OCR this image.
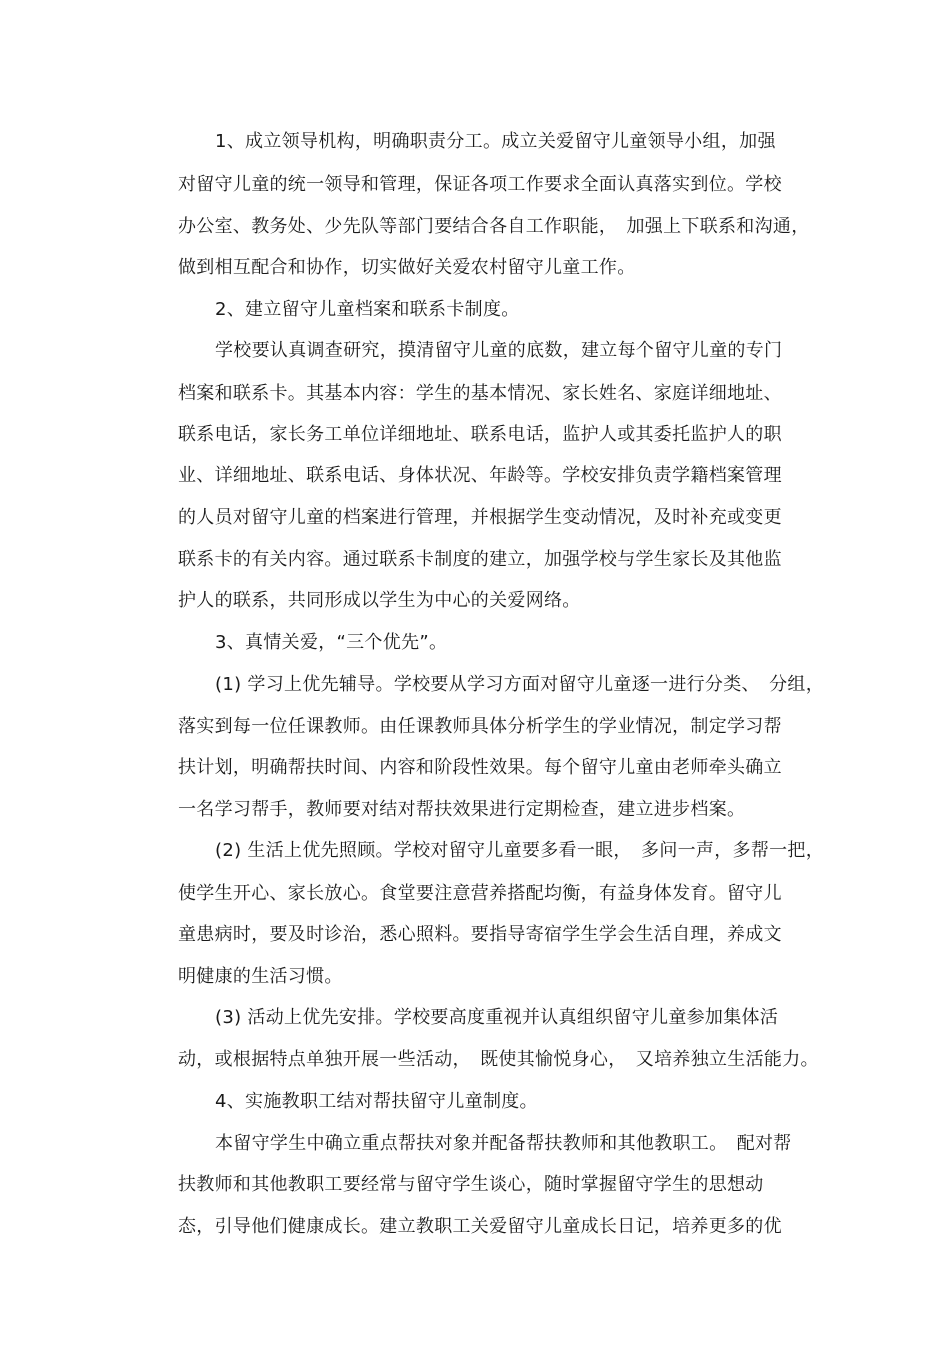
1、成立领导机构，明确职责分工。成立关爱留守儿童领导小组，加强
对留守儿童的统一领导和管理，保证各项工作要求全面认真落实到位。学校
办公室、教务处、少先队等部门要结合各自工作职能，　加强上下联系和沟通，
做到相互配合和协作，切实做好关爱农村留守儿童工作。
2、建立留守儿童档案和联系卡制度。
学校要认真调查研究，摸清留守儿童的底数，建立每个留守儿童的专门
档案和联系卡。其基本内容：学生的基本情况、家长姓名、家庭详细地址、
联系电话，家长务工单位详细地址、联系电话，监护人或其委托监护人的职
业、详细地址、联系电话、身体状况、年龄等。学校安排负责学籍档案管理
的人员对留守儿童的档案进行管理，并根据学生变动情况，及时补充或变更
联系卡的有关内容。通过联系卡制度的建立，加强学校与学生家长及其他监
护人的联系，共同形成以学生为中心的关爱网络。
3、真情关爱，“三个优先”。
(1) 学习上优先辅导。学校要从学习方面对留守儿童逐一进行分类、　分组，
落实到每一位任课教师。由任课教师具体分析学生的学业情况，制定学习帮
扶计划，明确帮扶时间、内容和阶段性效果。每个留守儿童由老师牵头确立
一名学习帮手，教师要对结对帮扶效果进行定期检查，建立进步档案。
(2) 生活上优先照顾。学校对留守儿童要多看一眼，　多问一声，多帮一把，
使学生开心、家长放心。食堂要注意营养搭配均衡，有益身体发育。留守儿
童患病时，要及时诊治，悉心照料。要指导寄宿学生学会生活自理，养成文
明健康的生活习惯。
(3) 活动上优先安排。学校要高度重视并认真组织留守儿童参加集体活
动，或根据特点单独开展一些活动，　既使其愉悦身心，　又培养独立生活能力。
4、实施教职工结对帮扶留守儿童制度。
本留守学生中确立重点帮扶对象并配备帮扶教师和其他教职工。　配对帮
扶教师和其他教职工要经常与留守学生谈心，随时掌握留守学生的思想动
态，引导他们健康成长。建立教职工关爱留守儿童成长日记，培养更多的优
